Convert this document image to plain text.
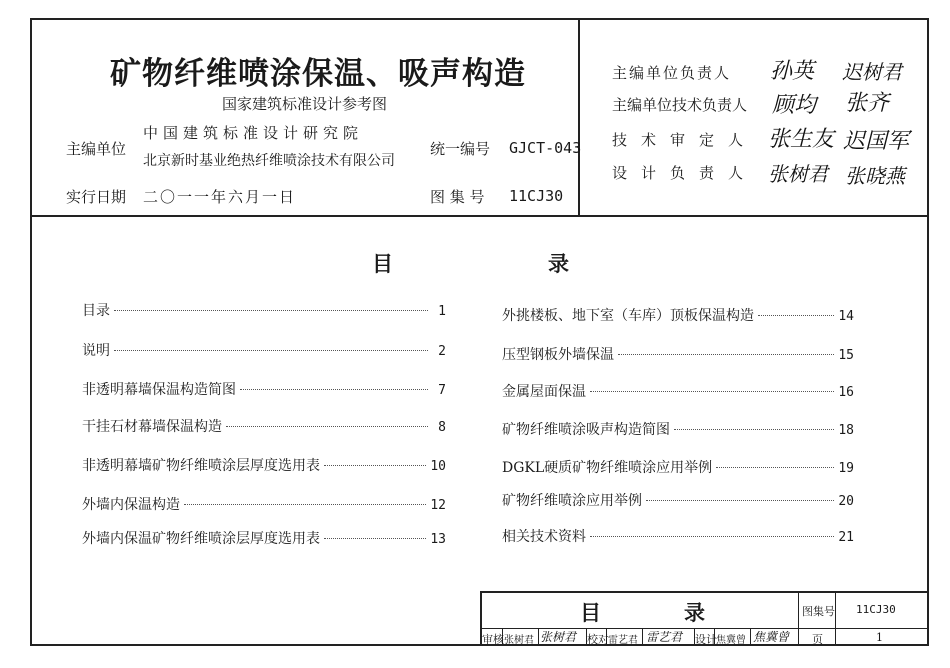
矿物纤维喷涂保温、吸声构造
国家建筑标准设计参考图
主编单位
中国建筑标准设计研究院
北京新时基业绝热纤维喷涂技术有限公司
统一编号 GJCT-043
实行日期 二〇一一年六月一日	图 集 号 11CJ30
主编单位负责人 孙英 迟树君
主编单位技术负责人 顾均 张齐
技术审定人 张生友 迟国军
设计负责人 张树君 张晓燕
目	录
目录	1
说明	2
非透明幕墙保温构造简图	7
干挂石材幕墙保温构造	8
非透明幕墙矿物纤维喷涂层厚度选用表	10
外墙内保温构造	12
外墙内保温矿物纤维喷涂层厚度选用表	13
外挑楼板、地下室（车库）顶板保温构造	14
压型钢板外墙保温	15
金属屋面保温	16
矿物纤维喷涂吸声构造简图	18
DGKL硬质矿物纤维喷涂应用举例	19
矿物纤维喷涂应用举例	20
相关技术资料	21
目	录	图集号 11CJ30
页	1
审核 张树君 张树君 校对 雷艺君 雷艺君 设计 焦冀曾 焦冀曾
